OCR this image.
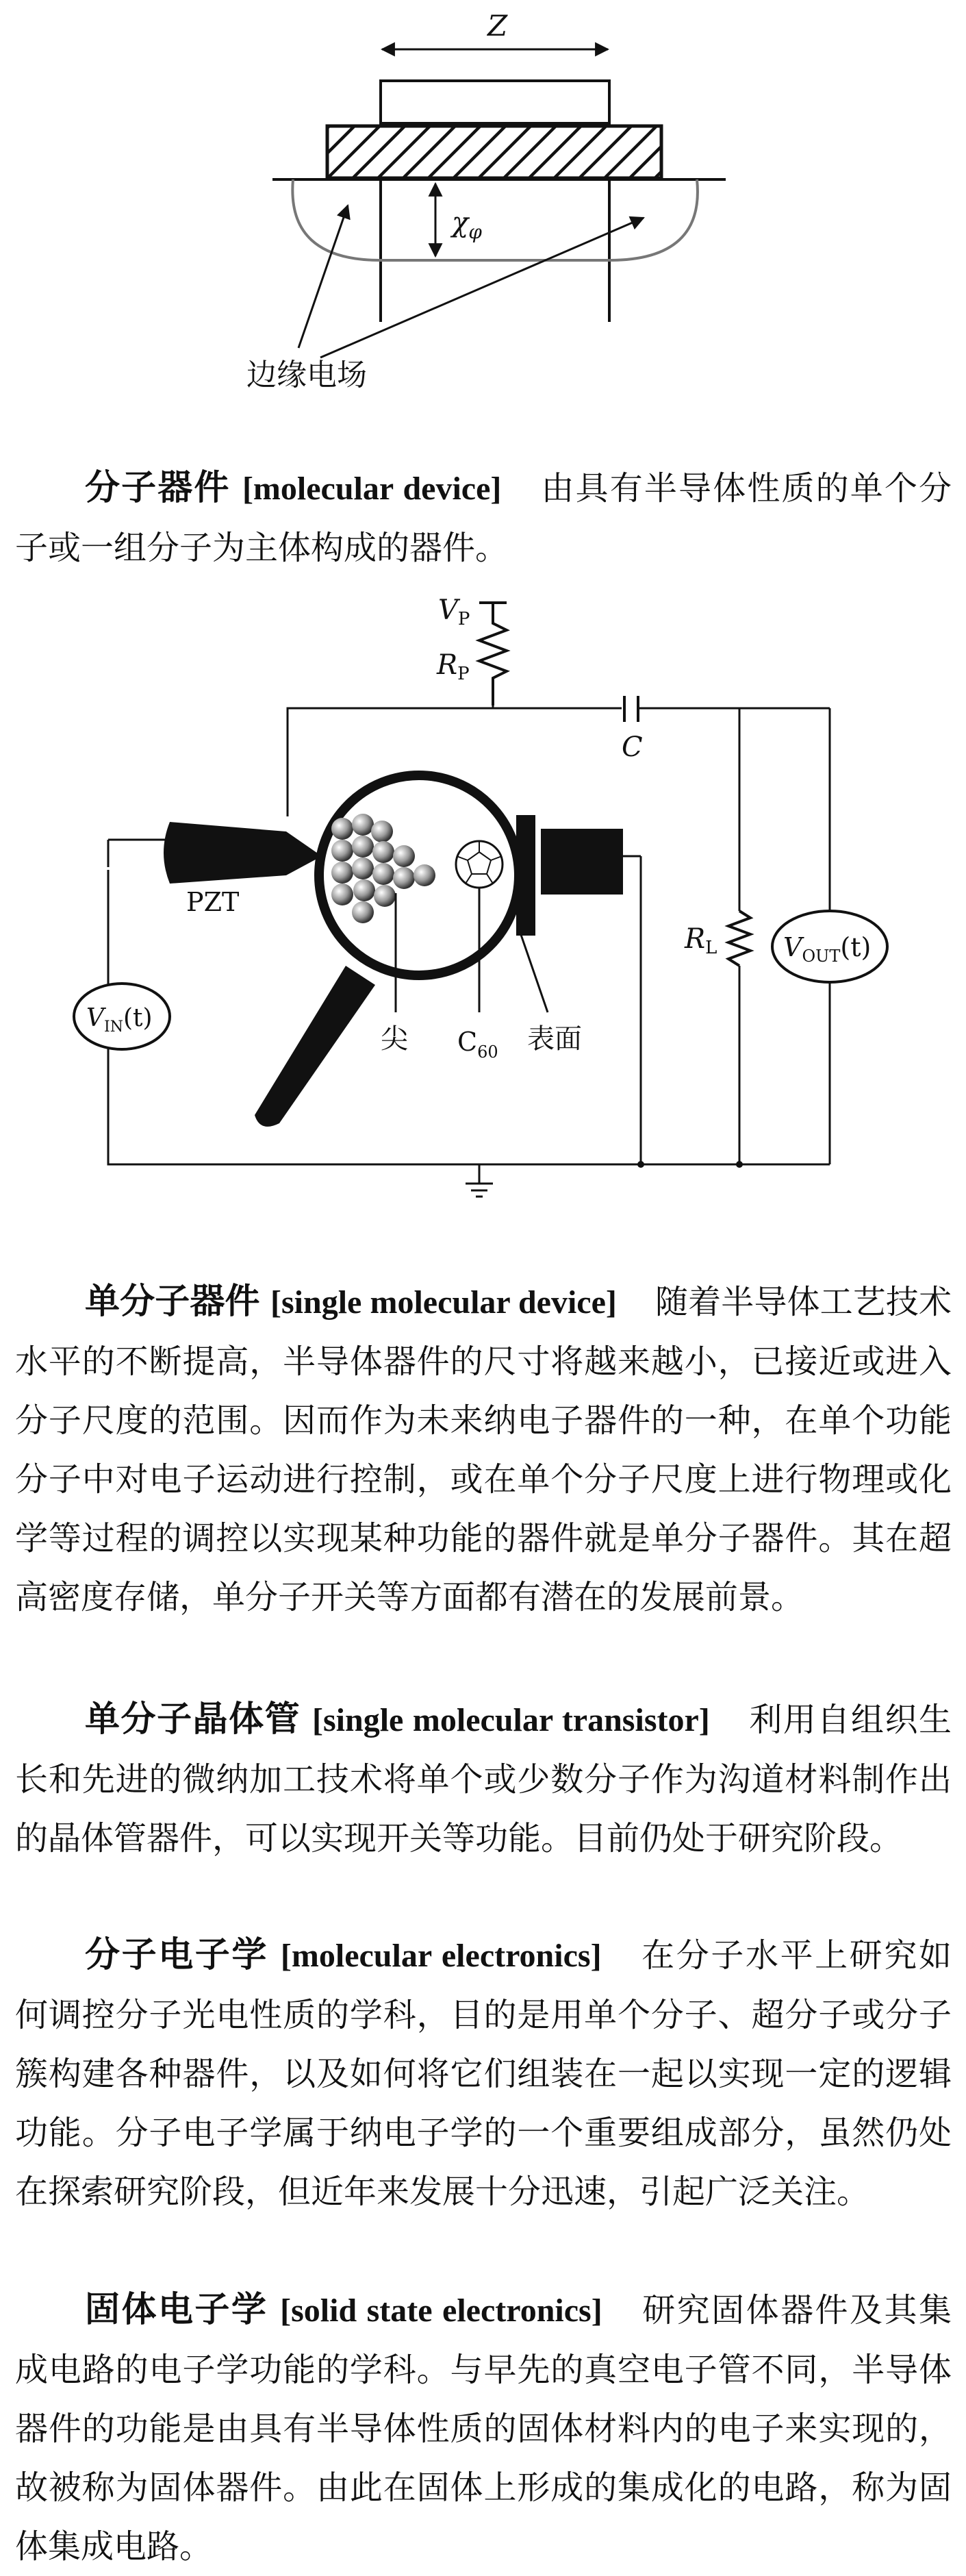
Z
$\chi_\varphi$
边缘电场
分子器件 [molecular device] 由具有半导体性质的单个分子或一组分子为主体构成的器件。
$V_P$
$R_P$
C
$R_L$	$V_{OUT}(t)$
PZT
$V_{IN}(t)$
尖 $C_{60}$ 表面
单分子器件 [single molecular device] 随着半导体工艺技术水平的不断提高，半导体器件的尺寸将越来越小，已接近或进入分子尺度的范围。因而作为未来纳电子器件的一种，在单个功能分子中对电子运动进行控制，或在单个分子尺度上进行物理或化学等过程的调控以实现某种功能的器件就是单分子器件。其在超高密度存储，单分子开关等方面都有潜在的发展前景。
单分子晶体管 [single molecular transistor] 利用自组织生长和先进的微纳加工技术将单个或少数分子作为沟道材料制作出的晶体管器件，可以实现开关等功能。目前仍处于研究阶段。
分子电子学 [molecular electronics] 在分子水平上研究如何调控分子光电性质的学科，目的是用单个分子、超分子或分子簇构建各种器件，以及如何将它们组装在一起以实现一定的逻辑功能。分子电子学属于纳电子学的一个重要组成部分，虽然仍处在探索研究阶段，但近年来发展十分迅速，引起广泛关注。
固体电子学 [solid state electronics] 研究固体器件及其集成电路的电子学功能的学科。与早先的真空电子管不同，半导体器件的功能是由具有半导体性质的固体材料内的电子来实现的，故被称为固体器件。由此在固体上形成的集成化的电路，称为固体集成电路。
